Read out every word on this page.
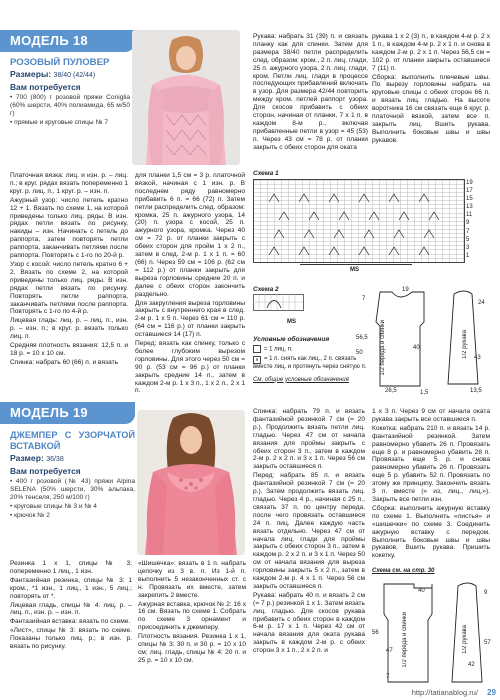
МОДЕЛЬ 18
РОЗОВЫЙ ПУЛОВЕР
Размеры: 38/40 (42/44)
Вам потребуется
• 700 (800) г розовой пряжи Coniglia (60% шерсти, 40% полиамида, 65 м/50 г)
• прямые и круговые спицы № 7

Платочная вязка: лиц. и изн. р. – лиц. п.; в круг. рядах вязать попеременно 1 круг. р. лиц. п., 1 круг. р. – изн. п.

Ажурный узор: число петель кратно 12 + 1. Вязать по схеме 1, на которой приведены только лиц. ряды. В изн. рядах петли вязать по рисунку, накиды – изн. Начинать с петель до раппорта, затем повторять петли раппорта, заканчивать петлями после раппорта. Повторять с 1-го по 20-й р.

Узор с косой: число петель кратно 6 + 2. Вязать по схеме 2, на которой приведены только лиц. ряды. В изн. рядах петли вязать по рисунку. Повторять петли раппорта, заканчивать петлями после раппорта. Повторять с 1-го по 4-й р.

Лицевая гладь: лиц. р. – лиц. п., изн. р. – изн. п.; в круг. р. вязать только лиц. п.

Средняя плотность вязания: 12,5 п. и 18 р. = 10 х 10 см.

Спинка: набрать 60 (66) п. и вязать

для планки 1,5 см = 3 р. платочной вязкой, начиная с 1 изн. р. В последнем ряду равномерно прибавить 6 п. = 66 (72) п. Затем петли распределить след. образом: кромка, 25 п. ажурного узора, 14 (20) п. узора с косой, 25 п. ажурного узора, кромка. Через 40 см = 72 р. от планки закрыть с обеих сторон для пройм 1 х 2 п., затем в след. 2-м р. 1 х 1 п. = 60 (66) п. Через 59 см = 106 р. (62 см = 112 р.) от планки закрыть для выреза горловины средние 20 п. и далее с обеих сторон закончить раздельно.

Для закругления выреза горловины закрыть с внутреннего края в след. 2-м р. 1 х 5 п. Через 61 см = 110 р. (64 см = 116 р.) от планки закрыть оставшиеся 14 (17) п.

Перед: вязать как спинку, только с более глубоким вырезом горловины. Для этого через 50 см = 90 р. (53 см = 96 р.) от планки закрыть средние 14 п., затем в каждом 2-м р. 1 х 3 п., 1 х 2 п., 2 х 1 п.

Рукава: набрать 31 (39) п. и связать планку как для спинки. Затем для размера 38/40 петли распределить след. образом: кром., 2 п. лиц. глади, 25 п. ажурного узора, 2 п. лиц. глади, кром. Петли лиц. глади в процессе последующих прибавлений включать в узор. Для размера 42/44 повторить между кром. петлей раппорт узора. Для скосов прибавить с обеих сторон, начиная от планки, 7 х 1 п. в каждом 8-м р., включая прибавленные петли в узор = 45 (53) п. Через 43 см = 78 р. от планки закрыть с обеих сторон для оката

рукава 1 х 2 (3) п., в каждом 4-м р. 2 х 1 п., в каждом 4-м р. 2 х 1 п. и снова в каждом 2-м р. 2 х 1 п. Через 56,5 см = 102 р. от планки закрыть оставшиеся 7 (11) п.

Сборка: выполнить плечевые швы. По вырезу горловины набрать на круговые спицы с обеих сторон 66 п. и вязать лиц. гладью. На высоте воротника 16 см связать еще 6 круг. р. платочной вязкой, затем все п. закрыть лиц. Вшить рукава. Выполнить боковые швы и швы рукавов.

Схема 1
19
17
15
13
11
9
7
5
3
1
MS
Схема 2
MS
Условные обозначения
= 1 лиц. п.
∧ = 1 п. снять как лиц., 2 п. связать вместе лиц. и протянуть через снятую п.
См. общие условные обозначения
1/2 переда и спинки	1/2 рукава
56,5
50
40
43
26,5	1,5
19
7
24
13,5
МОДЕЛЬ 19
ДЖЕМПЕР С УЗОРЧАТОЙ ВСТАВКОЙ
Размер: 36/38
Вам потребуется
• 400 г розовой (№ 43) пряжи Alpina SELENA (50% шерсти, 30% альпака, 20% тенселя, 250 м/100 г)
• круговые спицы № 3 и № 4
• крючок № 2

Резинка 1 х 1, спицы № 3: попеременно 1 лиц., 1 изн.

Фантазийная резинка, спицы № 3: 1 кром., *1 изн., 1 лиц., 1 изн., 5 лиц.; повторять от *.

Лицевая гладь, спицы № 4: лиц. р. – лиц. п., изн. р. – изн. п.

Фантазийная вставка: вязать по схеме.

«Лист», спицы № 3: вязать по схеме. Показаны только лиц. р.; в изн. р. вязать по рисунку.

«Шишечка»: вязать в 1 п. набрать цепочку из 3 в. п. Из 1-й п. выполнить 5 незаконченных ст. с н. Провязать их вместе, затем закрепить 2 вместе.

Ажурная вставка, крючок № 2: 16 х 16 см. Вязать по схеме 1. Собрать по схеме 3 орнамент и присоединить к джемперу.

Плотность вязания. Резинка 1 х 1, спицы № 3: 30 п. и 30 р. = 10 х 10 см; лиц. гладь, спицы № 4: 20 п. и 25 р. = 10 х 10 см.

Спинка: набрать 79 п. и вязать фантазийной резинкой 7 см (= 20 р.). Продолжить вязать петли лиц. гладью. Через 47 см от начала вязания для проймы закрыть с обеих сторон 3 п., затем в каждом 2-м р. 2 х 2 п. и 3 х 1 п. Через 56 см закрыть оставшиеся п.

Перед: набрать 85 п. и вязать фантазийной резинкой 7 см (= 20 р.). Затем продолжить вязать лиц. гладью. Через 4 р., начиная с 25 п., связать 37 п. по центру переда, после чего провязать оставшиеся 24 п. лиц. Далее каждую часть вязать отдельно. Через 47 см от начала лиц. глади для проймы закрыть с обеих сторон 3 п., затем в каждом р. 2 х 2 п. и 3 х 1 п. Через 50 см от начала вязания для выреза горловины закрыть 5 х 2 п., затем в каждом 2-м р. 4 х 1 п. Через 56 см закрыть оставшиеся п.

Рукава: набрать 40 п. и вязать 2 см (= 7 р.) резинкой 1 х 1. Затем вязать лиц. гладью. Для скосов рукава прибавить с обеих сторон в каждом 6-м р. 17 х 1 п. Через 42 см от начала вязания для оката рукава закрыть в каждом 2-м р. с обеих сторон 3 х 1 п., 2 х 2 п. и

1 х 3 п. Через 9 см от начала оката рукава закрыть все оставшиеся п.

Кокетка: набрать 210 п. и вязать 14 р. фантазийной резинкой. Затем равномерно убавить 26 п. Провязать еще 8 р. и равномерно убавить 28 п. Провязать еще 5 р. и снова равномерно убавить 26 п. Провязать еще 5 р. убавить 52 п. Провязать по этому же принципу. Закончить вязать 3 п. вместе (« из, лиц., лиц.»). Закрыть все петли изн.

Сборка: выполнить ажурную вставку по схеме 1. Выполнить «листья» и «шишечки» по схеме 3. Соединить ажурную вставку с передом. Выполнить боковые швы и швы рукавов. Вшить рукава. Пришить кокетку.

Схема см. на стр. 30
1/2 переда и спинки	1/2 рукава
40
56
47
7
57
9
42
http://tatianablog.ru/ 29
